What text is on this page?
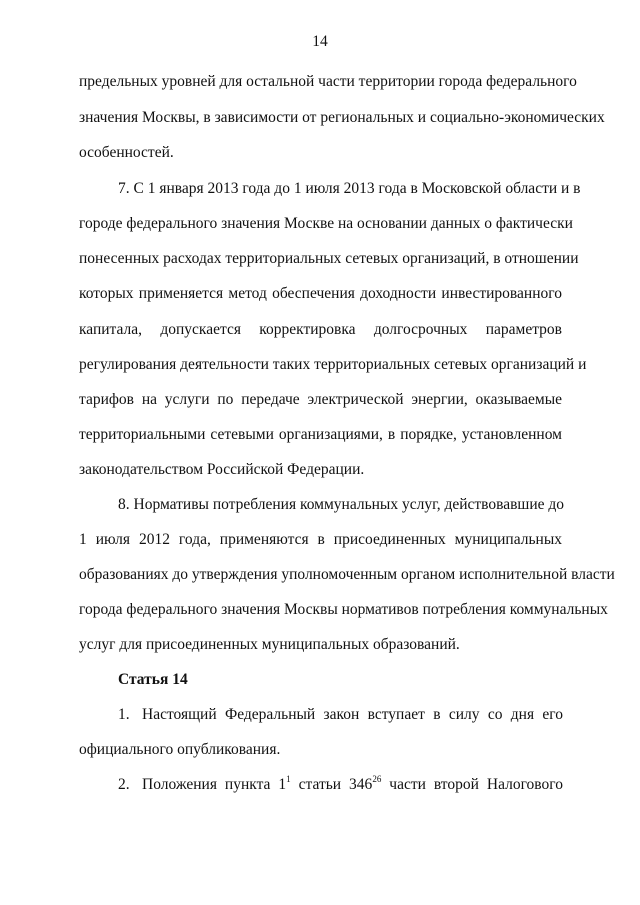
14
предельных уровней для остальной части территории города федерального
значения Москвы, в зависимости от региональных и социально-экономических
особенностей.
7. С 1 января 2013 года до 1 июля 2013 года в Московской области и в
городе федерального значения Москве на основании данных о фактически
понесенных расходах территориальных сетевых организаций, в отношении
которых применяется метод обеспечения доходности инвестированного
капитала, допускается корректировка долгосрочных параметров
регулирования деятельности таких территориальных сетевых организаций и
тарифов на услуги по передаче электрической энергии, оказываемые
территориальными сетевыми организациями, в порядке, установленном
законодательством Российской Федерации.
8. Нормативы потребления коммунальных услуг, действовавшие до
1 июля 2012 года, применяются в присоединенных муниципальных
образованиях до утверждения уполномоченным органом исполнительной власти
города федерального значения Москвы нормативов потребления коммунальных
услуг для присоединенных муниципальных образований.
Статья 14
1. Настоящий Федеральный закон вступает в силу со дня его
официального опубликования.
2. Положения пункта $1^1$ статьи $346^{26}$ части второй Налогового
